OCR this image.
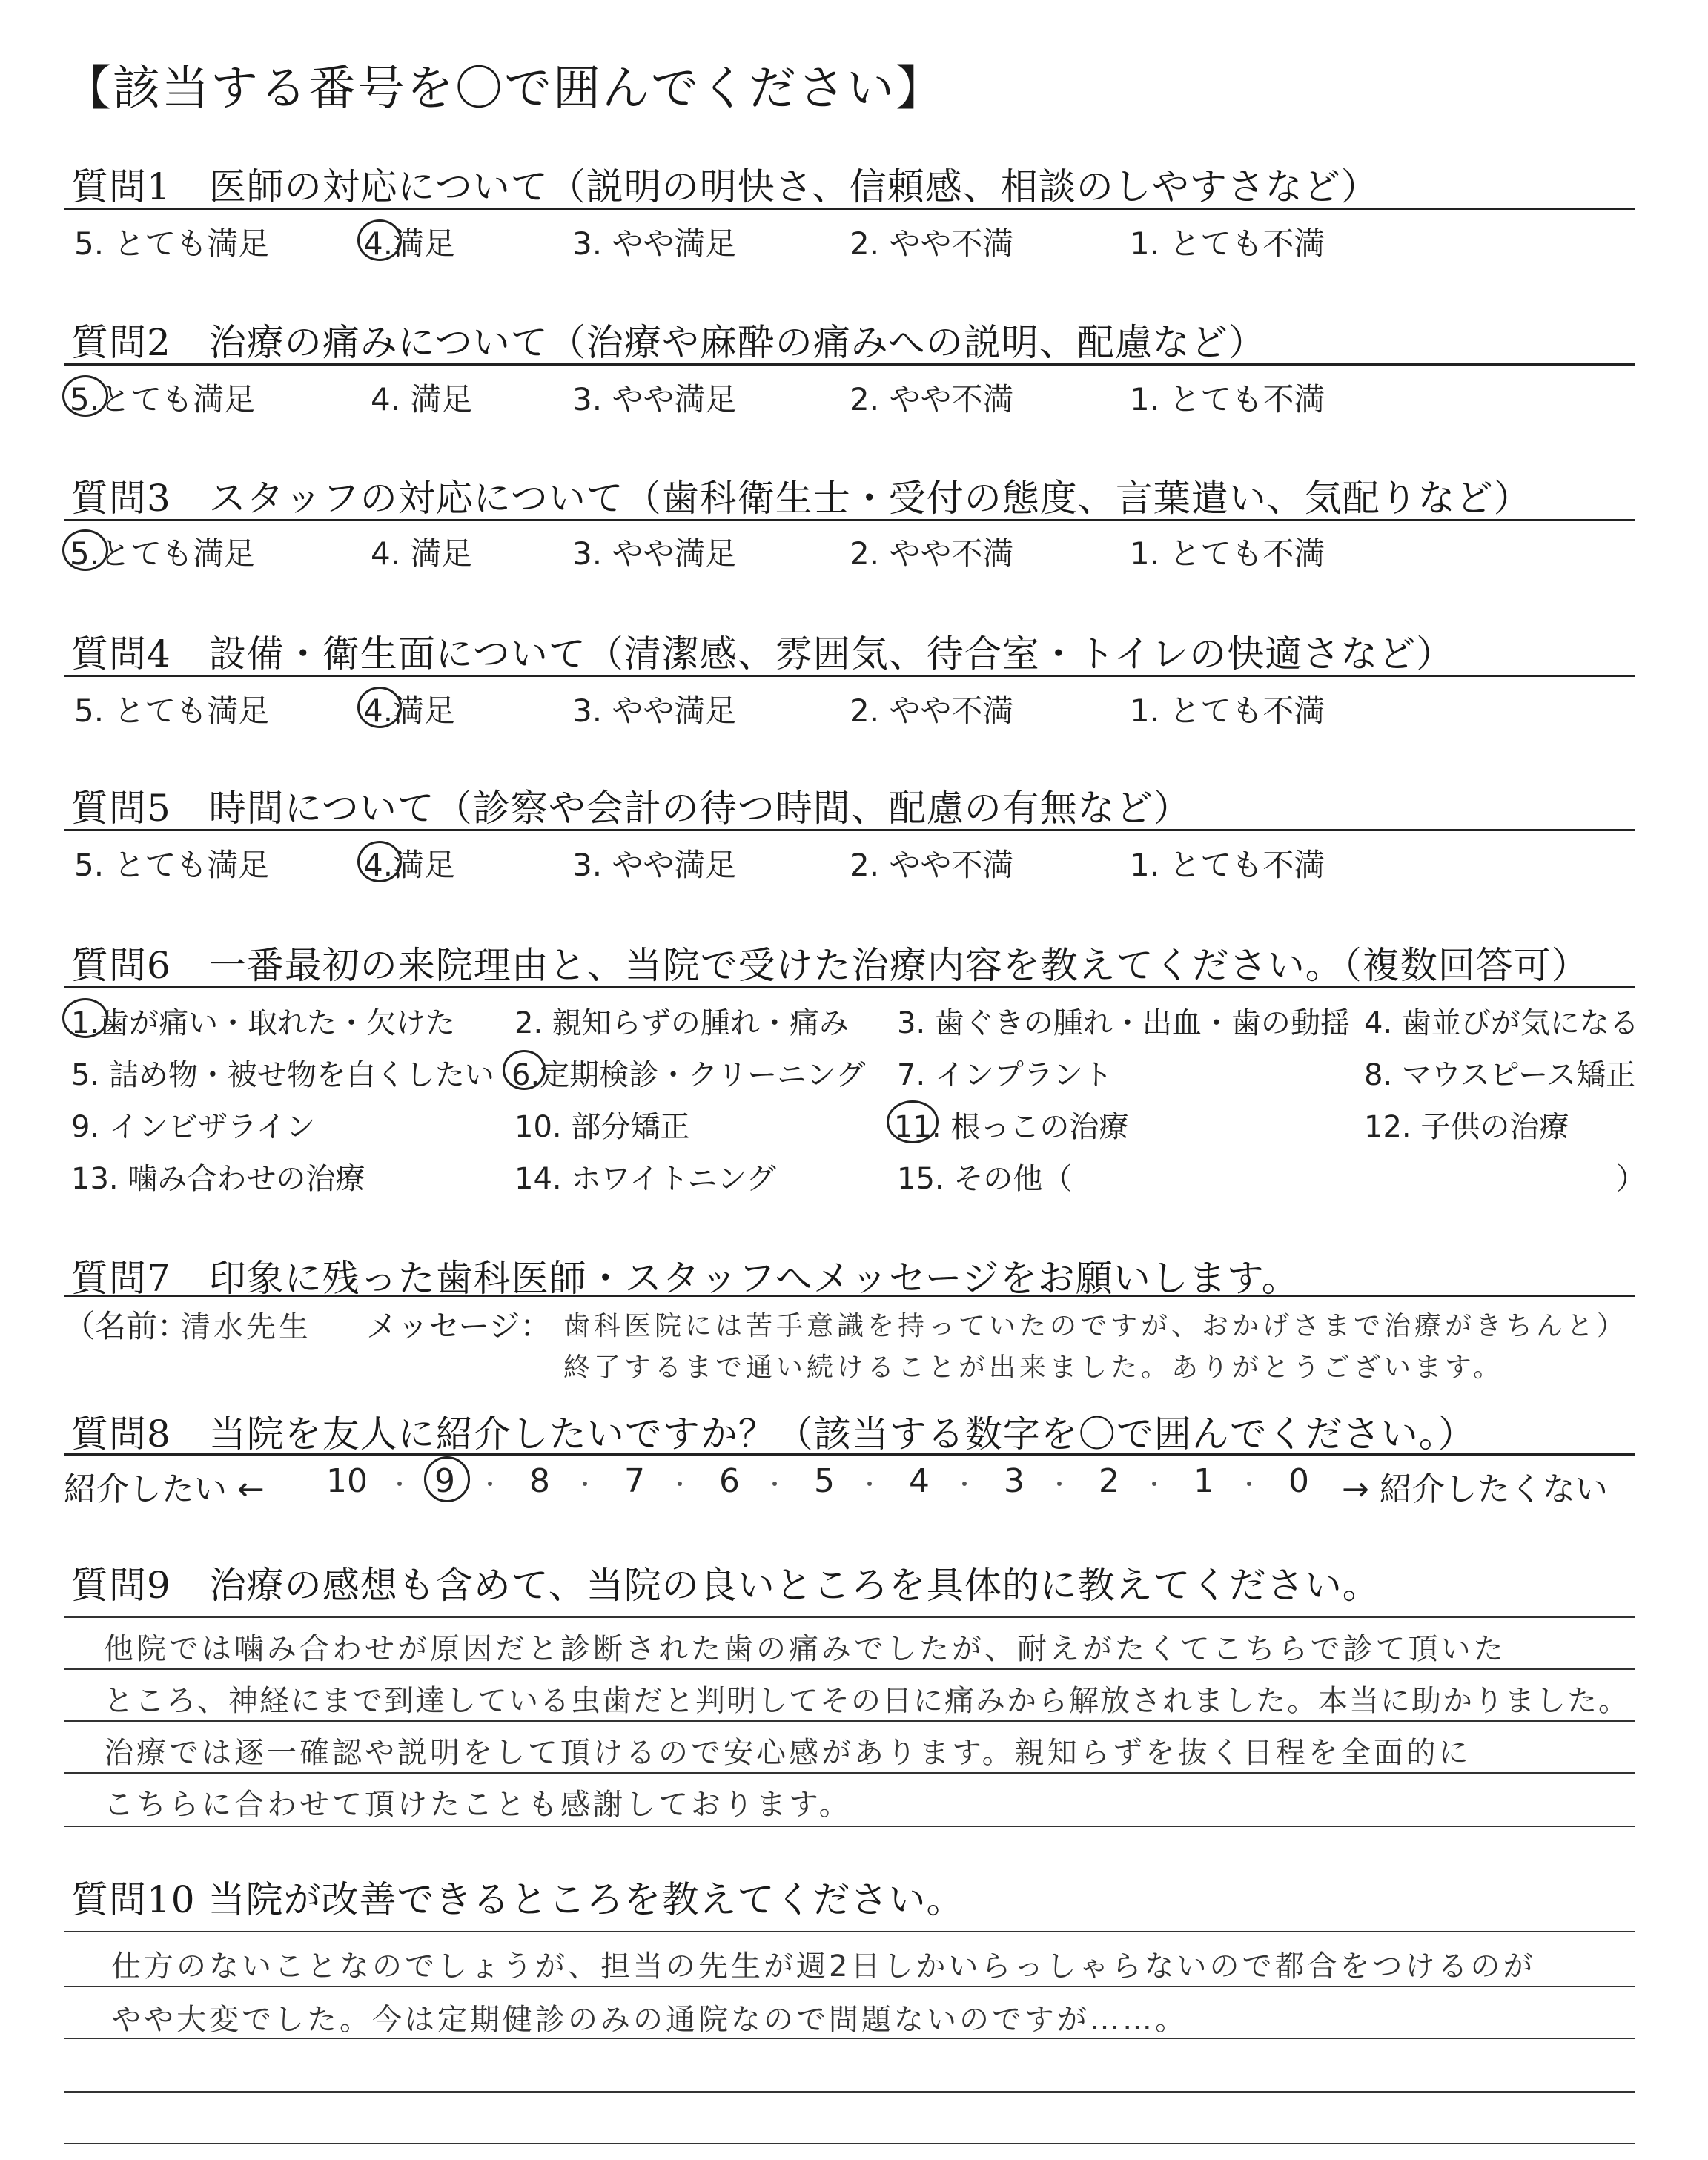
【該当する番号を〇で囲んでください】
質問1　医師の対応について（説明の明快さ、信頼感、相談のしやすさなど）
5. とても満足	4.満足	3. やや満足	2. やや不満	1. とても不満
質問2　治療の痛みについて（治療や麻酔の痛みへの説明、配慮など）
5.とても満足	4. 満足	3. やや満足	2. やや不満	1. とても不満
質問3　スタッフの対応について（歯科衛生士・受付の態度、言葉遣い、気配りなど）
5.とても満足	4. 満足	3. やや満足	2. やや不満	1. とても不満
質問4　設備・衛生面について（清潔感、雰囲気、待合室・トイレの快適さなど）
5. とても満足	4.満足	3. やや満足	2. やや不満	1. とても不満
質問5　時間について（診察や会計の待つ時間、配慮の有無など）
5. とても満足	4.満足	3. やや満足	2. やや不満	1. とても不満
質問6　一番最初の来院理由と、当院で受けた治療内容を教えてください。（複数回答可）
1.歯が痛い・取れた・欠けた 2. 親知らずの腫れ・痛み 3. 歯ぐきの腫れ・出血・歯の動揺 4. 歯並びが気になる
5. 詰め物・被せ物を白くしたい 6.定期検診・クリーニング 7. インプラント	8. マウスピース矯正
9. インビザライン	10. 部分矯正	11. 根っこの治療	12. 子供の治療
13. 噛み合わせの治療	14. ホワイトニング	15. その他（	）
質問7　印象に残った歯科医師・スタッフへメッセージをお願いします。
（名前：
清水先生 メッセージ： 歯科医院には苦手意識を持っていたのですが、おかげさまで治療がきちんと）
終了するまで通い続けることが出来ました。ありがとうございます。
質問8　当院を友人に紹介したいですか？（該当する数字を〇で囲んでください。）
紹介したい ← 10 9 8 7 6 5 4 3 2 1 0 → 紹介したくない
質問9　治療の感想も含めて、当院の良いところを具体的に教えてください。
他院では噛み合わせが原因だと診断された歯の痛みでしたが、耐えがたくてこちらで診て頂いた
ところ、神経にまで到達している虫歯だと判明してその日に痛みから解放されました。本当に助かりました。
治療では逐一確認や説明をして頂けるので安心感があります。親知らずを抜く日程を全面的に
こちらに合わせて頂けたことも感謝しております。
質問10 当院が改善できるところを教えてください。
仕方のないことなのでしょうが、担当の先生が週2日しかいらっしゃらないので都合をつけるのが
やや大変でした。今は定期健診のみの通院なので問題ないのですが……。
